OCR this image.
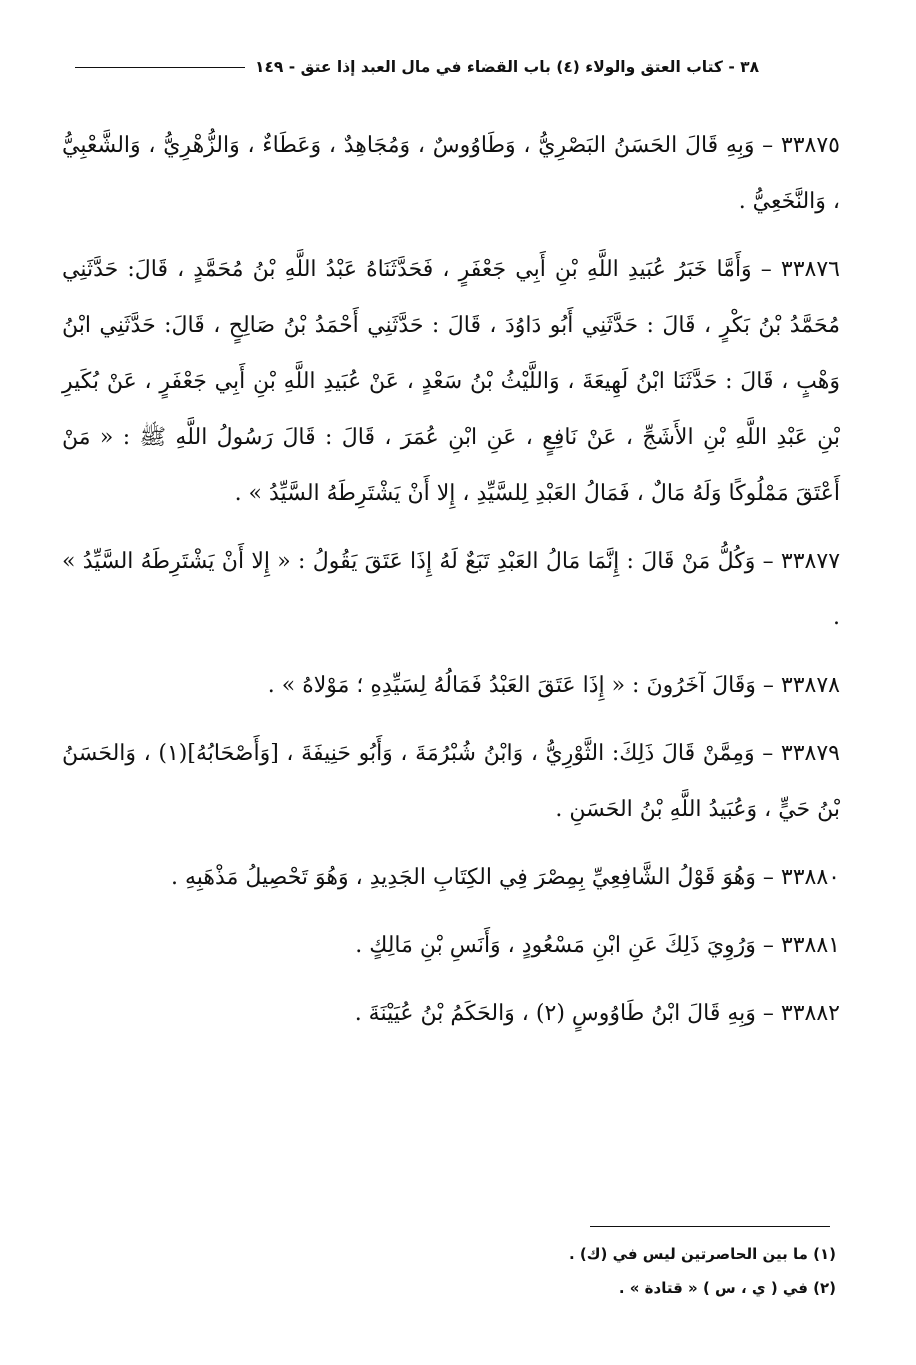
٣٨ - كتاب العتق والولاء (٤) باب القضاء في مال العبد إذا عتق - ١٤٩

٣٣٨٧٥ – وَبِهِ قَالَ الحَسَنُ البَصْرِيُّ ، وَطَاوُوسٌ ، وَمُجَاهِدٌ ، وَعَطَاءٌ ، وَالزُّهْرِيُّ ، وَالشَّعْبِيُّ ، وَالنَّخَعِيُّ .

٣٣٨٧٦ – وَأَمَّا خَبَرُ عُبَيدِ اللَّهِ بْنِ أَبِي جَعْفَرٍ ، فَحَدَّثَنَاهُ عَبْدُ اللَّهِ بْنُ مُحَمَّدٍ ، قَالَ: حَدَّثَنِي مُحَمَّدُ بْنُ بَكْرٍ ، قَالَ : حَدَّثَنِي أَبُو دَاوُدَ ، قَالَ : حَدَّثَنِي أَحْمَدُ بْنُ صَالِحٍ ، قَالَ: حَدَّثَنِي ابْنُ وَهْبٍ ، قَالَ : حَدَّثَنَا ابْنُ لَهِيعَةَ ، وَاللَّيْثُ بْنُ سَعْدٍ ، عَنْ عُبَيدِ اللَّهِ بْنِ أَبِي جَعْفَرٍ ، عَنْ بُكَيرِ بْنِ عَبْدِ اللَّهِ بْنِ الأَشَجِّ ، عَنْ نَافِعٍ ، عَنِ ابْنِ عُمَرَ ، قَالَ : قَالَ رَسُولُ اللَّهِ ﷺ : « مَنْ أَعْتَقَ مَمْلُوكًا وَلَهُ مَالٌ ، فَمَالُ العَبْدِ لِلسَّيِّدِ ، إِلا أَنْ يَشْتَرِطَهُ السَّيِّدُ » .

٣٣٨٧٧ – وَكُلُّ مَنْ قَالَ : إِنَّمَا مَالُ العَبْدِ تَبَعٌ لَهُ إِذَا عَتَقَ يَقُولُ : « إِلا أَنْ يَشْتَرِطَهُ السَّيِّدُ » .

٣٣٨٧٨ – وَقَالَ آخَرُونَ : « إِذَا عَتَقَ العَبْدُ فَمَالُهُ لِسَيِّدِهِ ؛ مَوْلاهُ » .

٣٣٨٧٩ – وَمِمَّنْ قَالَ ذَلِكَ: الثَّوْرِيُّ ، وَابْنُ شُبْرُمَةَ ، وَأَبُو حَنِيفَةَ ، [وَأَصْحَابُهُ](١) ، وَالحَسَنُ بْنُ حَيٍّ ، وَعُبَيدُ اللَّهِ بْنُ الحَسَنِ .

٣٣٨٨٠ – وَهُوَ قَوْلُ الشَّافِعِيِّ بِمِصْرَ فِي الكِتَابِ الجَدِيدِ ، وَهُوَ تَحْصِيلُ مَذْهَبِهِ .

٣٣٨٨١ – وَرُوِيَ ذَلِكَ عَنِ ابْنِ مَسْعُودٍ ، وَأَنَسِ بْنِ مَالِكٍ .

٣٣٨٨٢ – وَبِهِ قَالَ ابْنُ طَاوُوسٍ (٢) ، وَالحَكَمُ بْنُ عُيَيْنَةَ .

(١) ما بين الحاصرتين ليس في (ك) .

(٢) في ( ي ، س ) « قتادة » .
